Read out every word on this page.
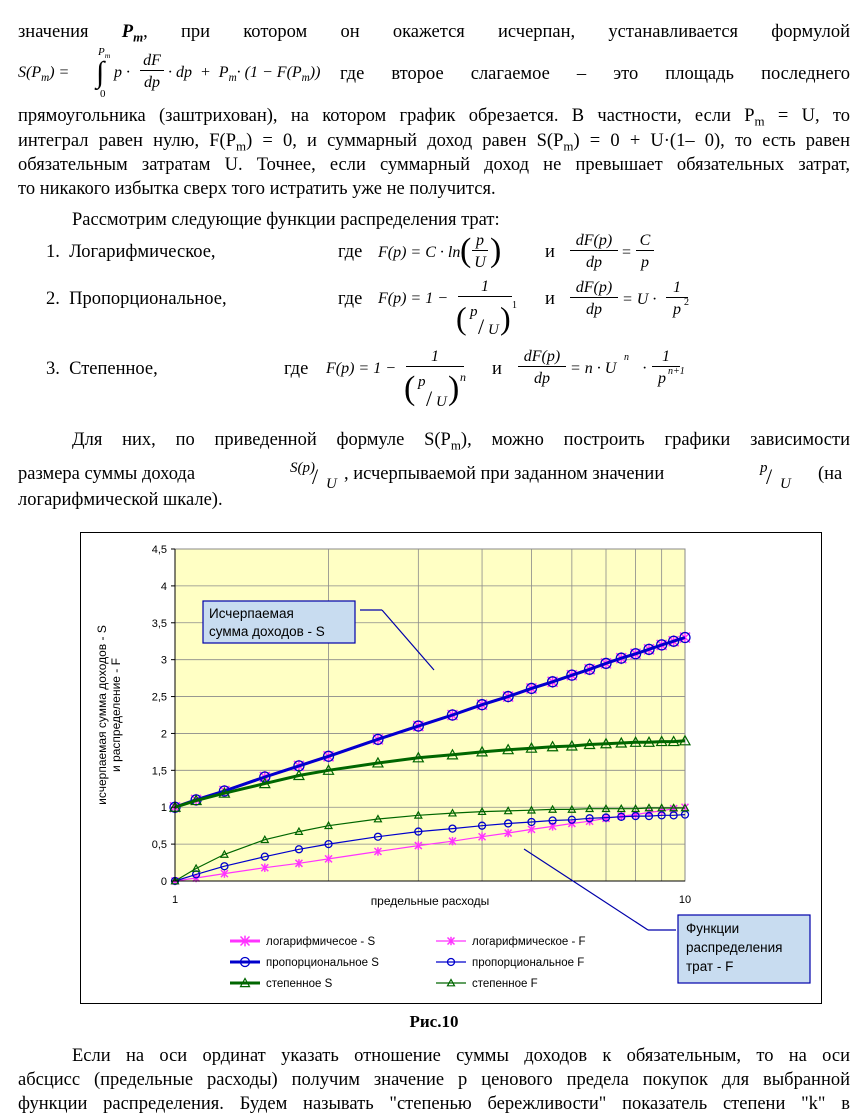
значения $P_m$, при котором он окажется исчерпан, устанавливается формулой

$S(P_m)$ =
$P_m$
∫
0
p ·
dF
dp
· dp  +  $P_m\cdot (1 - F(P_m))$ где второе слагаемое – это площадь последнего

прямоугольника (заштрихован), на котором график обрезается. В частности, если $P_m = U$, то

интеграл равен нулю, $F(P_m) = 0$, и суммарный доход равен $S(P_m) = 0 + U\cdot(1-$ 0), то есть равен

обязательным затратам U. Точнее, если суммарный доход не превышает обязательных затрат,

то никакого избытка сверх того истратить уже не получится.

Рассмотрим следующие функции распределения трат:

1. Логарифмическое,	где F(p) = C · ln ( p
U ) и
dF(p)
dp
=
C
p
2. Пропорциональное,	где F(p) = 1 −
1
( p
/ U ) 1 и
dF(p)
dp
= U ·
1
p 2
3. Степенное,	где F(p) = 1 −
1
( p
/ U ) n и
dF(p)
dp
= n · U
n
·
1
p n+1

Для них, по приведенной формуле $S(P_m)$, можно построить графики зависимости

размера суммы дохода	S(p)
/ U , исчерпываемой при заданном значении	p
/ U (на

логарифмической шкале).

0
0,5
1
1,5
2
2,5
3
3,5
4
4,5
1	10
предельные расходы
исчерпаемая сумма доходов - S и распределение - F
Исчерпаемая
сумма доходов - S
Функции
распределения
трат - F
логарифмичесое - S	логарифмическое - F
пропорциональное S	пропорциональное F
степенное S	степенное F
Рис.10

Если на оси ординат указать отношение суммы доходов к обязательным, то на оси

абсцисс (предельные расходы) получим значение p ценового предела покупок для выбранной

функции распределения. Будем называть "степенью бережливости" показатель степени "k" в
